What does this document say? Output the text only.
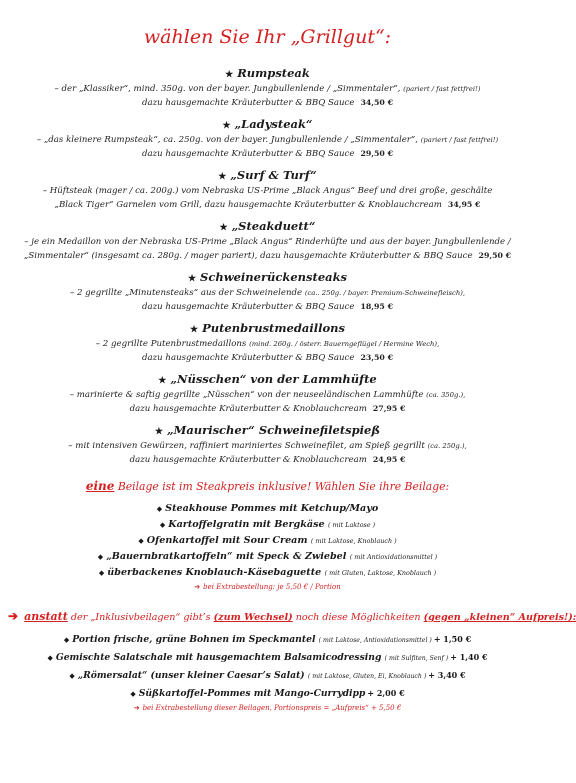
wählen Sie Ihr „Grillgut“:
★ Rumpsteak
– der „Klassiker“, mind. 350g. von der bayer. Jungbullenlende / „Simmentaler“, (pariert / fast fettfrei!)
dazu hausgemachte Kräuterbutter & BBQ Sauce 34,50 €
★ „Ladysteak“
– „das kleinere Rumpsteak“, ca. 250g. von der bayer. Jungbullenlende / „Simmentaler“, (pariert / fast fettfrei!)
dazu hausgemachte Kräuterbutter & BBQ Sauce 29,50 €
★ „Surf & Turf“
– Hüftsteak (mager / ca. 200g.) vom Nebraska US-Prime „Black Angus“ Beef und drei große, geschälte
„Black Tiger“ Garnelen vom Grill, dazu hausgemachte Kräuterbutter & Knoblauchcream 34,95 €
★ „Steakduett“
– je ein Medaillon von der Nebraska US-Prime „Black Angus“ Rinderhüfte und aus der bayer. Jungbullenlende /
„Simmentaler“ (insgesamt ca. 280g. / mager pariert), dazu hausgemachte Kräuterbutter & BBQ Sauce 29,50 €
★ Schweinerückensteaks
– 2 gegrillte „Minutensteaks“ aus der Schweinelende (ca.. 250g. / bayer. Premium-Schweinefleisch),
dazu hausgemachte Kräuterbutter & BBQ Sauce 18,95 €
★ Putenbrustmedaillons
– 2 gegrillte Putenbrustmedaillons (mind. 260g. / österr. Bauerngeflügel / Hermine Wech),
dazu hausgemachte Kräuterbutter & BBQ Sauce 23,50 €
★ „Nüsschen“ von der Lammhüfte
– marinierte & saftig gegrillte „Nüsschen“ von der neuseeländischen Lammhüfte (ca. 350g.),
dazu hausgemachte Kräuterbutter & Knoblauchcream 27,95 €
★ „Maurischer“ Schweinefiletspieß
– mit intensiven Gewürzen, raffiniert mariniertes Schweinefilet, am Spieß gegrillt (ca. 250g.),
dazu hausgemachte Kräuterbutter & Knoblauchcream 24,95 €
eine Beilage ist im Steakpreis inklusive! Wählen Sie ihre Beilage:
◆ Steakhouse Pommes mit Ketchup/Mayo
◆ Kartoffelgratin mit Bergkäse ( mit Laktose )
◆ Ofenkartoffel mit Sour Cream ( mit Laktose, Knoblauch )
◆ „Bauernbratkartoffeln“ mit Speck & Zwiebel ( mit Antioxidationsmittel )
◆ überbackenes Knoblauch-Käsebaguette ( mit Gluten, Laktose, Knoblauch )
➔ bei Extrabestellung: je 5,50 € / Portion
➔ anstatt der „Inklusivbeilagen“ gibt’s (zum Wechsel) noch diese Möglichkeiten (gegen „kleinen“ Aufpreis!):
◆ Portion frische, grüne Bohnen im Speckmantel ( mit Laktose, Antioxidationsmittel ) + 1,50 €
◆ Gemischte Salatschale mit hausgemachtem Balsamicodressing ( mit Sulfiten, Senf ) + 1,40 €
◆ „Römersalat“ (unser kleiner Caesar’s Salat) ( mit Laktose, Gluten, Ei, Knoblauch ) + 3,40 €
◆ Süßkartoffel-Pommes mit Mango-Currydipp + 2,00 €
➔ bei Extrabestellung dieser Beilagen, Portionspreis = „Aufpreis“ + 5,50 €
